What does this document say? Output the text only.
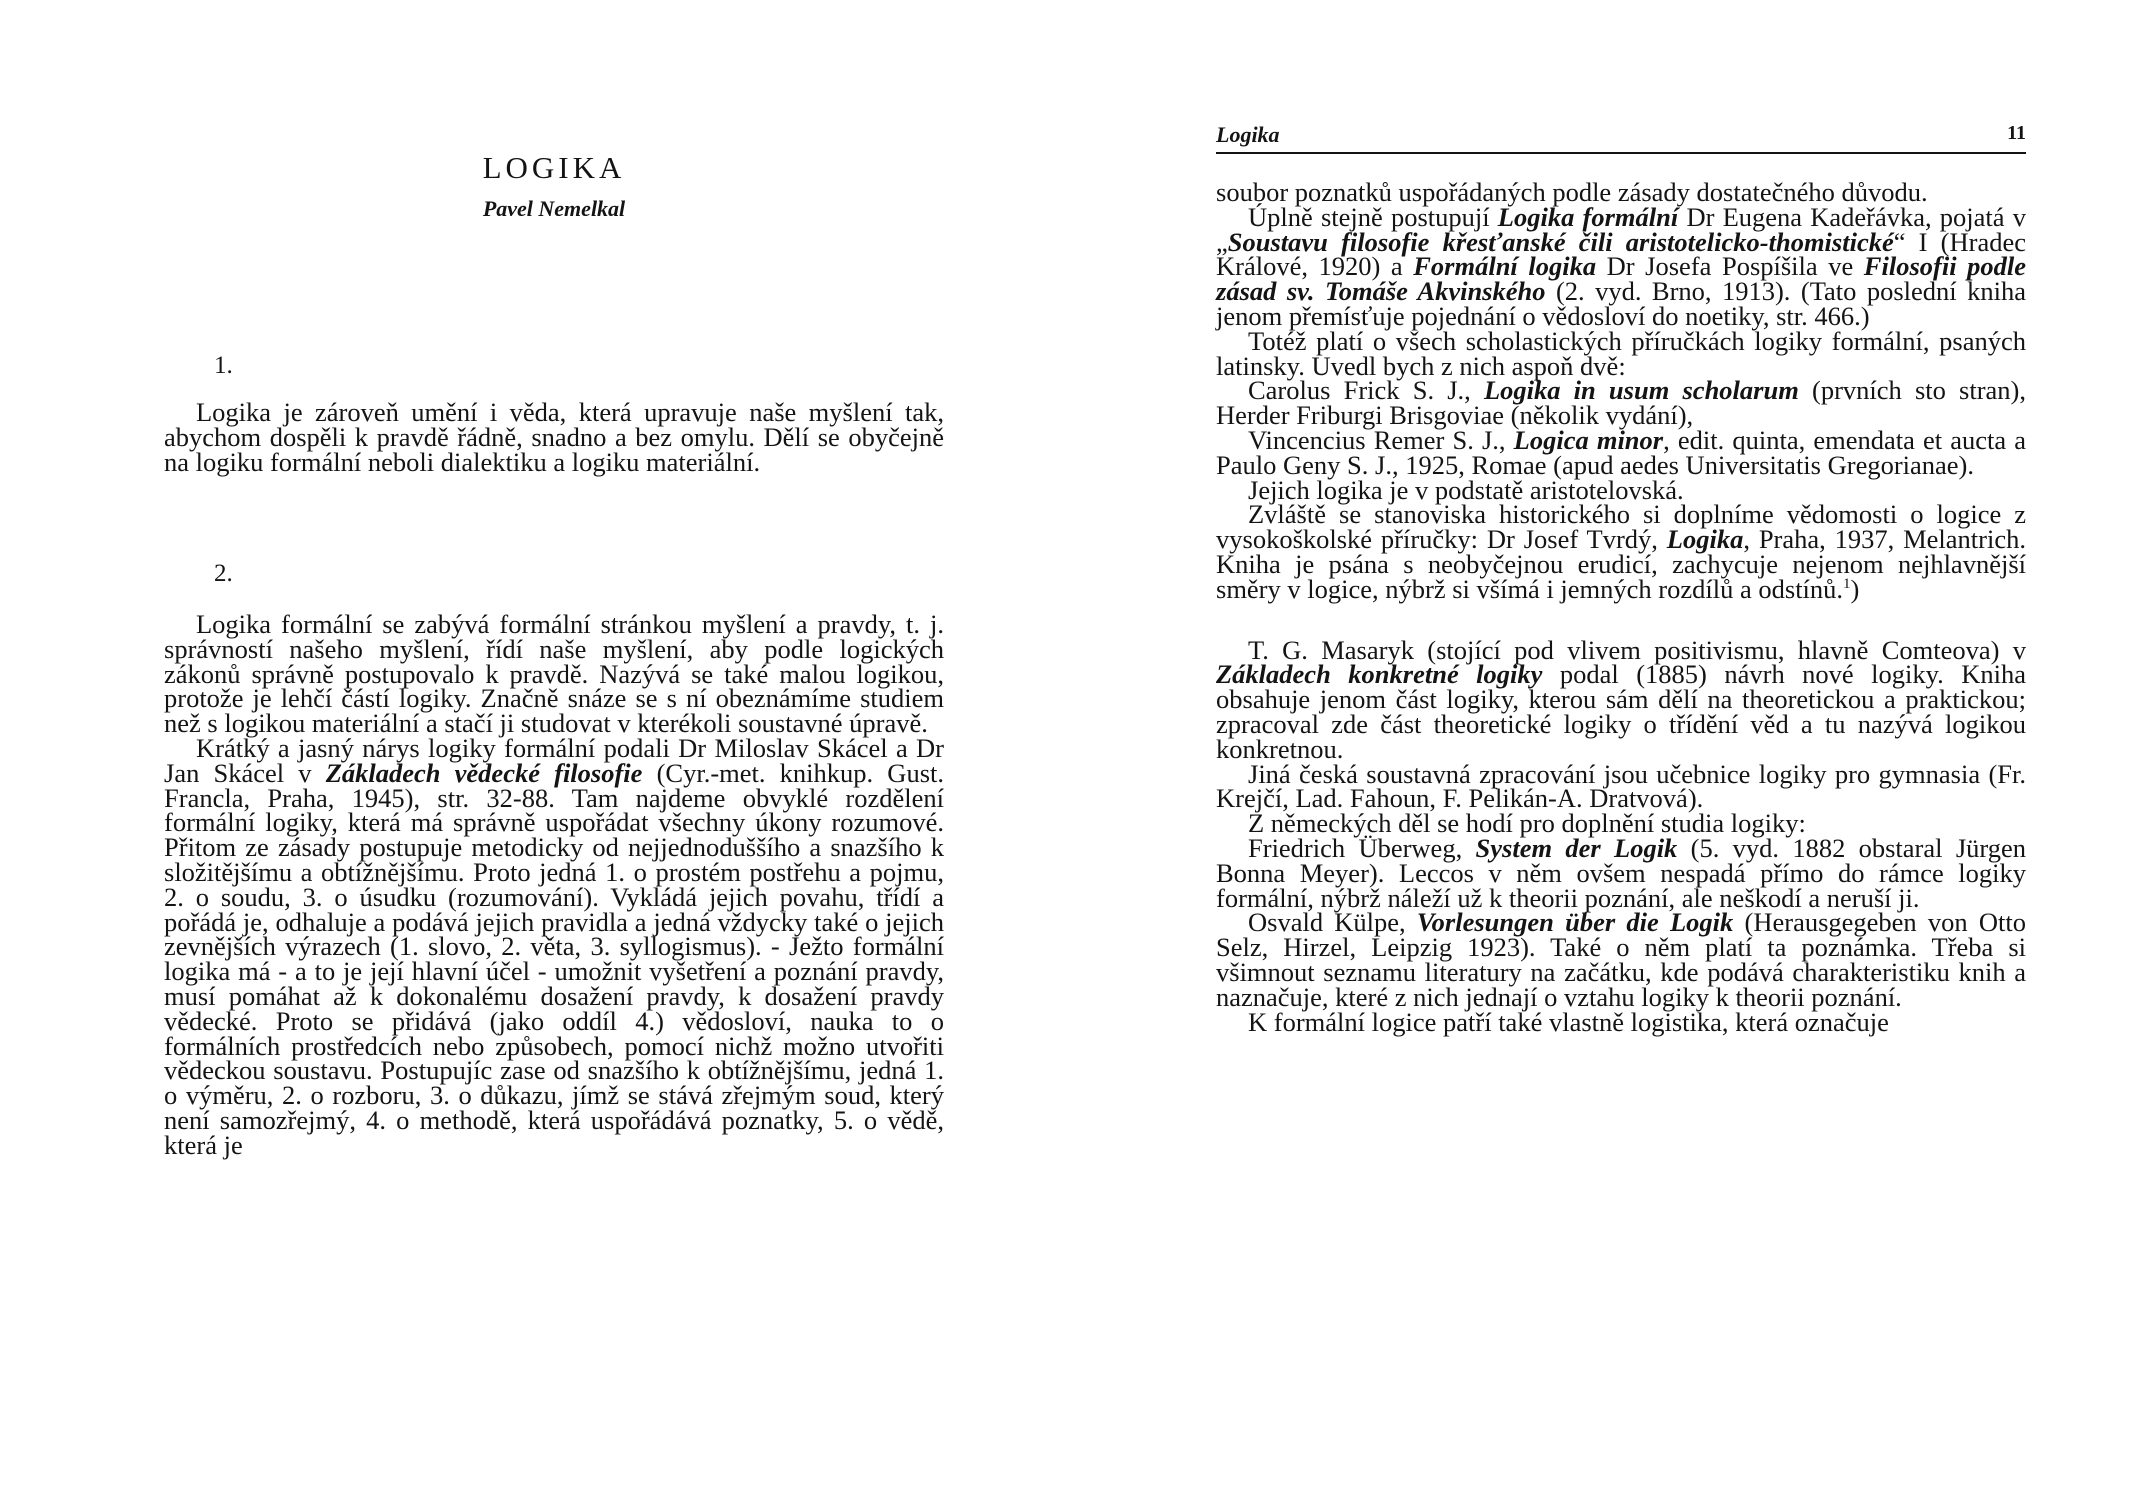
LOGIKA
Pavel Nemelkal
1.

Logika je zároveň umění i věda, která upravuje naše myšlení tak, abychom dospěli k pravdě řádně, snadno a bez omylu. Dělí se obyčejně na logiku formální neboli dialektiku a logiku materiální.

2.

Logika formální se zabývá formální stránkou myšlení a pravdy, t. j. správností našeho myšlení, řídí naše myšlení, aby podle logických zákonů správně postupovalo k pravdě. Nazývá se také malou logikou, protože je lehčí částí logiky. Značně snáze se s ní obeznámíme studiem než s logikou materiální a stačí ji studovat v kterékoli soustavné úpravě.

Krátký a jasný nárys logiky formální podali Dr Miloslav Skácel a Dr Jan Skácel v Základech vědecké filosofie (Cyr.-met. knihkup. Gust. Francla, Praha, 1945), str. 32-88. Tam najdeme obvyklé rozdělení formální logiky, která má správně uspořádat všechny úkony rozumové. Přitom ze zásady postupuje metodicky od nejjednoduššího a snazšího k složitějšímu a obtížnějšímu. Proto jedná 1. o prostém postřehu a pojmu, 2. o soudu, 3. o úsudku (rozumování). Vykládá jejich povahu, třídí a pořádá je, odhaluje a podává jejich pravidla a jedná vždycky také o jejich zevnějších výrazech (1. slovo, 2. věta, 3. syllogismus). - Ježto formální logika má - a to je její hlavní účel - umožnit vyšetření a poznání pravdy, musí pomáhat až k dokonalému dosažení pravdy, k dosažení pravdy vědecké. Proto se přidává (jako oddíl 4.) vědosloví, nauka to o formálních prostředcích nebo způsobech, pomocí nichž možno utvořiti vědeckou soustavu. Postupujíc zase od snazšího k obtížnějšímu, jedná 1. o výměru, 2. o rozboru, 3. o důkazu, jímž se stává zřejmým soud, který není samozřejmý, 4. o methodě, která uspořádává poznatky, 5. o vědě, která je

Logika	11

soubor poznatků uspořádaných podle zásady dostatečného důvodu.

Úplně stejně postupují Logika formální Dr Eugena Kadeřávka, pojatá v „Soustavu filosofie křesťanské čili aristotelicko-thomistické“ I (Hradec Králové, 1920) a Formální logika Dr Josefa Pospíšila ve Filosofii podle zásad sv. Tomáše Akvinského (2. vyd. Brno, 1913). (Tato poslední kniha jenom přemísťuje pojednání o vědosloví do noetiky, str. 466.)

Totéž platí o všech scholastických příručkách logiky formální, psaných latinsky. Uvedl bych z nich aspoň dvě:

Carolus Frick S. J., Logika in usum scholarum (prvních sto stran), Herder Friburgi Brisgoviae (několik vydání),

Vincencius Remer S. J., Logica minor, edit. quinta, emendata et aucta a Paulo Geny S. J., 1925, Romae (apud aedes Universitatis Gregorianae).

Jejich logika je v podstatě aristotelovská.

Zvláště se stanoviska historického si doplníme vědomosti o logice z vysokoškolské příručky: Dr Josef Tvrdý, Logika, Praha, 1937, Melantrich. Kniha je psána s neobyčejnou erudicí, zachycuje nejenom nejhlavnější směry v logice, nýbrž si všímá i jemných rozdílů a odstínů.$^1$)

T. G. Masaryk (stojící pod vlivem positivismu, hlavně Comteova) v Základech konkretné logiky podal (1885) návrh nové logiky. Kniha obsahuje jenom část logiky, kterou sám dělí na theoretickou a praktickou; zpracoval zde část theoretické logiky o třídění věd a tu nazývá logikou konkretnou.

Jiná česká soustavná zpracování jsou učebnice logiky pro gymnasia (Fr. Krejčí, Lad. Fahoun, F. Pelikán-A. Dratvová).

Z německých děl se hodí pro doplnění studia logiky:

Friedrich Überweg, System der Logik (5. vyd. 1882 obstaral Jürgen Bonna Meyer). Leccos v něm ovšem nespadá přímo do rámce logiky formální, nýbrž náleží už k theorii poznání, ale neškodí a neruší ji.

Osvald Külpe, Vorlesungen über die Logik (Herausgegeben von Otto Selz, Hirzel, Leipzig 1923). Také o něm platí ta poznámka. Třeba si všimnout seznamu literatury na začátku, kde podává charakteristiku knih a naznačuje, které z nich jednají o vztahu logiky k theorii poznání.

K formální logice patří také vlastně logistika, která označuje
